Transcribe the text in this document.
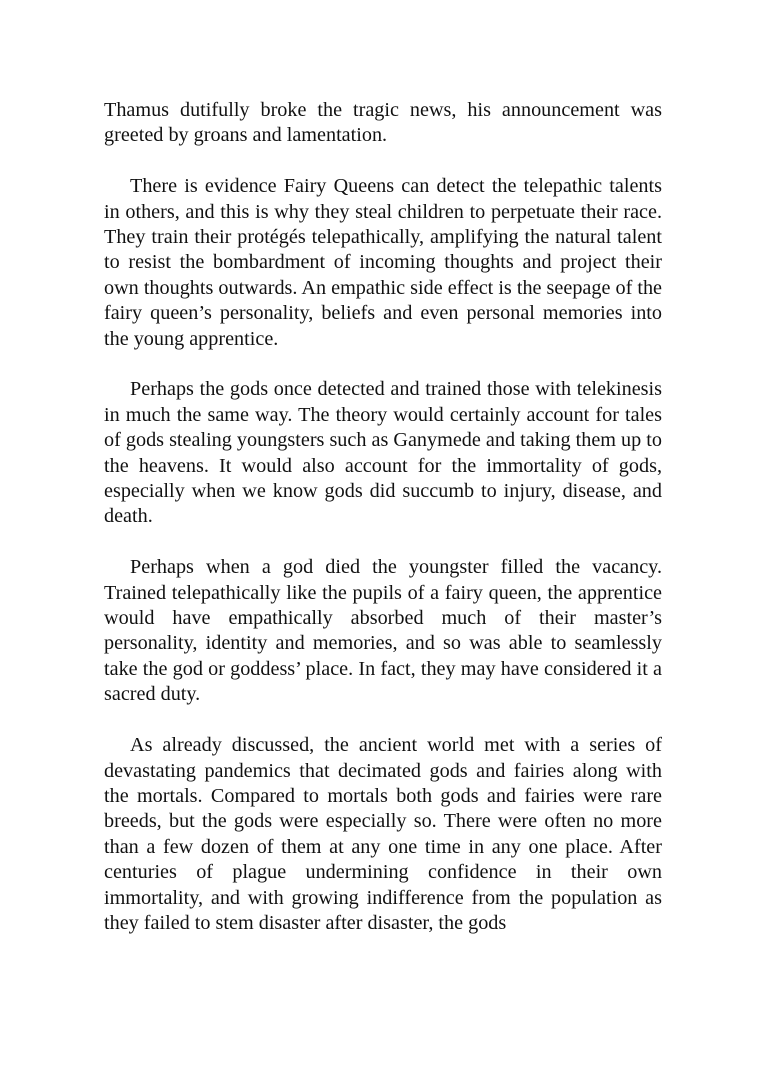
Thamus dutifully broke the tragic news, his announcement was greeted by groans and lamentation.

There is evidence Fairy Queens can detect the telepathic talents in others, and this is why they steal children to perpetuate their race. They train their protégés telepathically, amplifying the natural talent to resist the bombardment of incoming thoughts and project their own thoughts outwards. An empathic side effect is the seepage of the fairy queen’s personality, beliefs and even personal memories into the young apprentice.

Perhaps the gods once detected and trained those with telekinesis in much the same way. The theory would certainly account for tales of gods stealing youngsters such as Ganymede and taking them up to the heavens. It would also account for the immortality of gods, especially when we know gods did succumb to injury, disease, and death.

Perhaps when a god died the youngster filled the vacancy. Trained telepathically like the pupils of a fairy queen, the apprentice would have empathically absorbed much of their master’s personality, identity and memories, and so was able to seamlessly take the god or goddess’ place. In fact, they may have considered it a sacred duty.

As already discussed, the ancient world met with a series of devastating pandemics that decimated gods and fairies along with the mortals. Compared to mortals both gods and fairies were rare breeds, but the gods were especially so. There were often no more than a few dozen of them at any one time in any one place. After centuries of plague undermining confidence in their own immortality, and with growing indifference from the population as they failed to stem disaster after disaster, the gods
